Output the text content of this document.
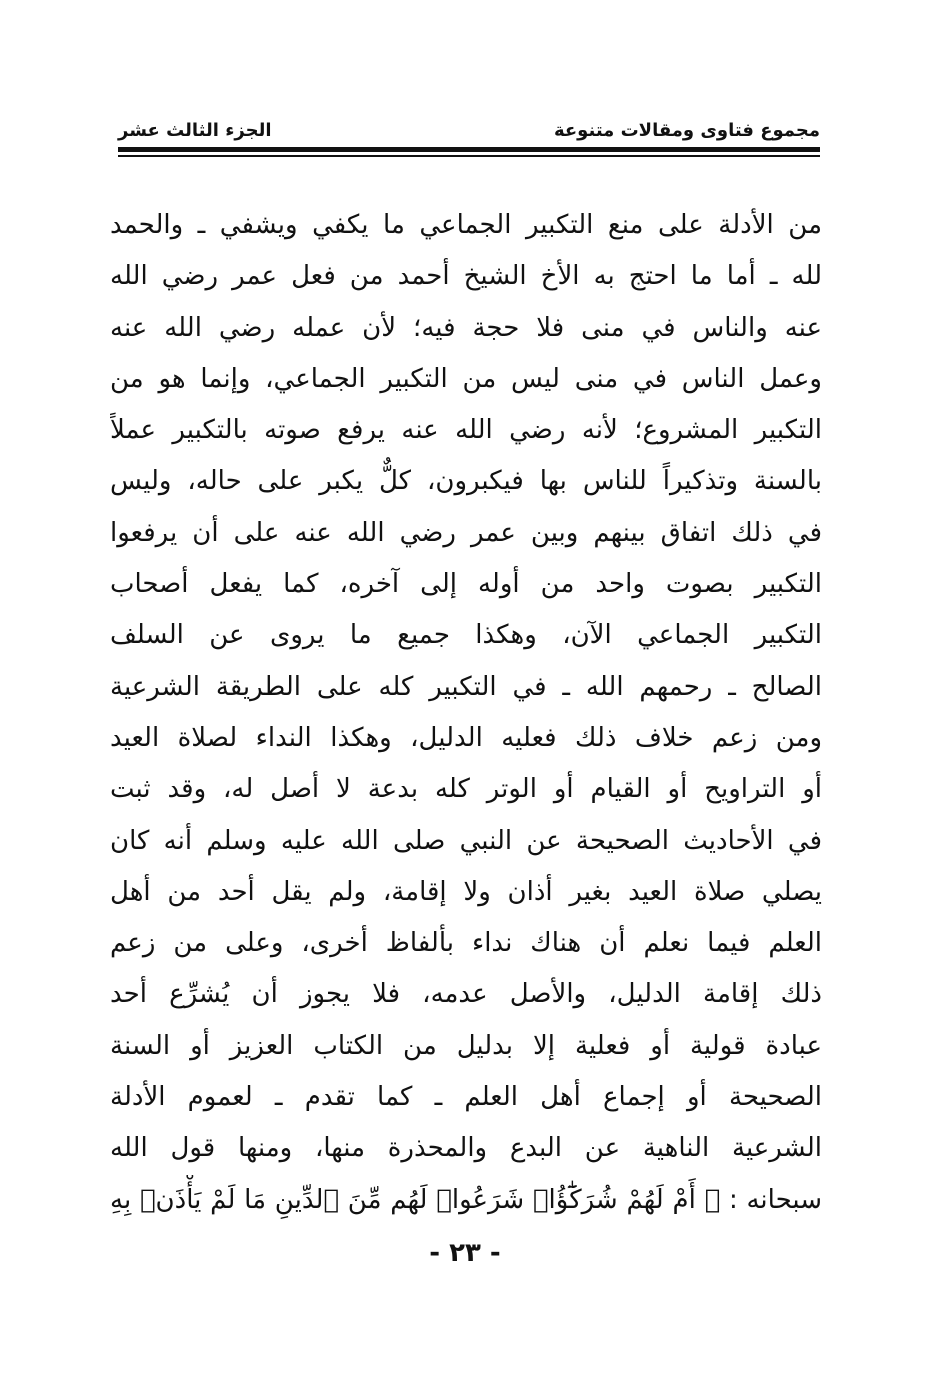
مجموع فتاوى ومقالات متنوعة
الجزء الثالث عشر
من الأدلة على منع التكبير الجماعي ما يكفي ويشفي ـ والحمد
لله ـ أما ما احتج به الأخ الشيخ أحمد من فعل عمر رضي الله
عنه والناس في منى فلا حجة فيه؛ لأن عمله رضي الله عنه
وعمل الناس في منى ليس من التكبير الجماعي، وإنما هو من
التكبير المشروع؛ لأنه رضي الله عنه يرفع صوته بالتكبير عملاً
بالسنة وتذكيراً للناس بها فيكبرون، كلٌّ يكبر على حاله، وليس
في ذلك اتفاق بينهم وبين عمر رضي الله عنه على أن يرفعوا
التكبير بصوت واحد من أوله إلى آخره، كما يفعل أصحاب
التكبير الجماعي الآن، وهكذا جميع ما يروى عن السلف
الصالح ـ رحمهم الله ـ في التكبير كله على الطريقة الشرعية
ومن زعم خلاف ذلك فعليه الدليل، وهكذا النداء لصلاة العيد
أو التراويح أو القيام أو الوتر كله بدعة لا أصل له، وقد ثبت
في الأحاديث الصحيحة عن النبي صلى الله عليه وسلم أنه كان
يصلي صلاة العيد بغير أذان ولا إقامة، ولم يقل أحد من أهل
العلم فيما نعلم أن هناك نداء بألفاظ أخرى، وعلى من زعم
ذلك إقامة الدليل، والأصل عدمه، فلا يجوز أن يُشرِّع أحد
عبادة قولية أو فعلية إلا بدليل من الكتاب العزيز أو السنة
الصحيحة أو إجماع أهل العلم ـ كما تقدم ـ لعموم الأدلة
الشرعية الناهية عن البدع والمحذرة منها، ومنها قول الله
سبحانه : ﴿ أَمْ لَهُمْ شُرَكَٰٓؤُا۟ شَرَعُوا۟ لَهُم مِّنَ ٱلدِّينِ مَا لَمْ يَأْذَنۢ بِهِ
- ٢٣ -
